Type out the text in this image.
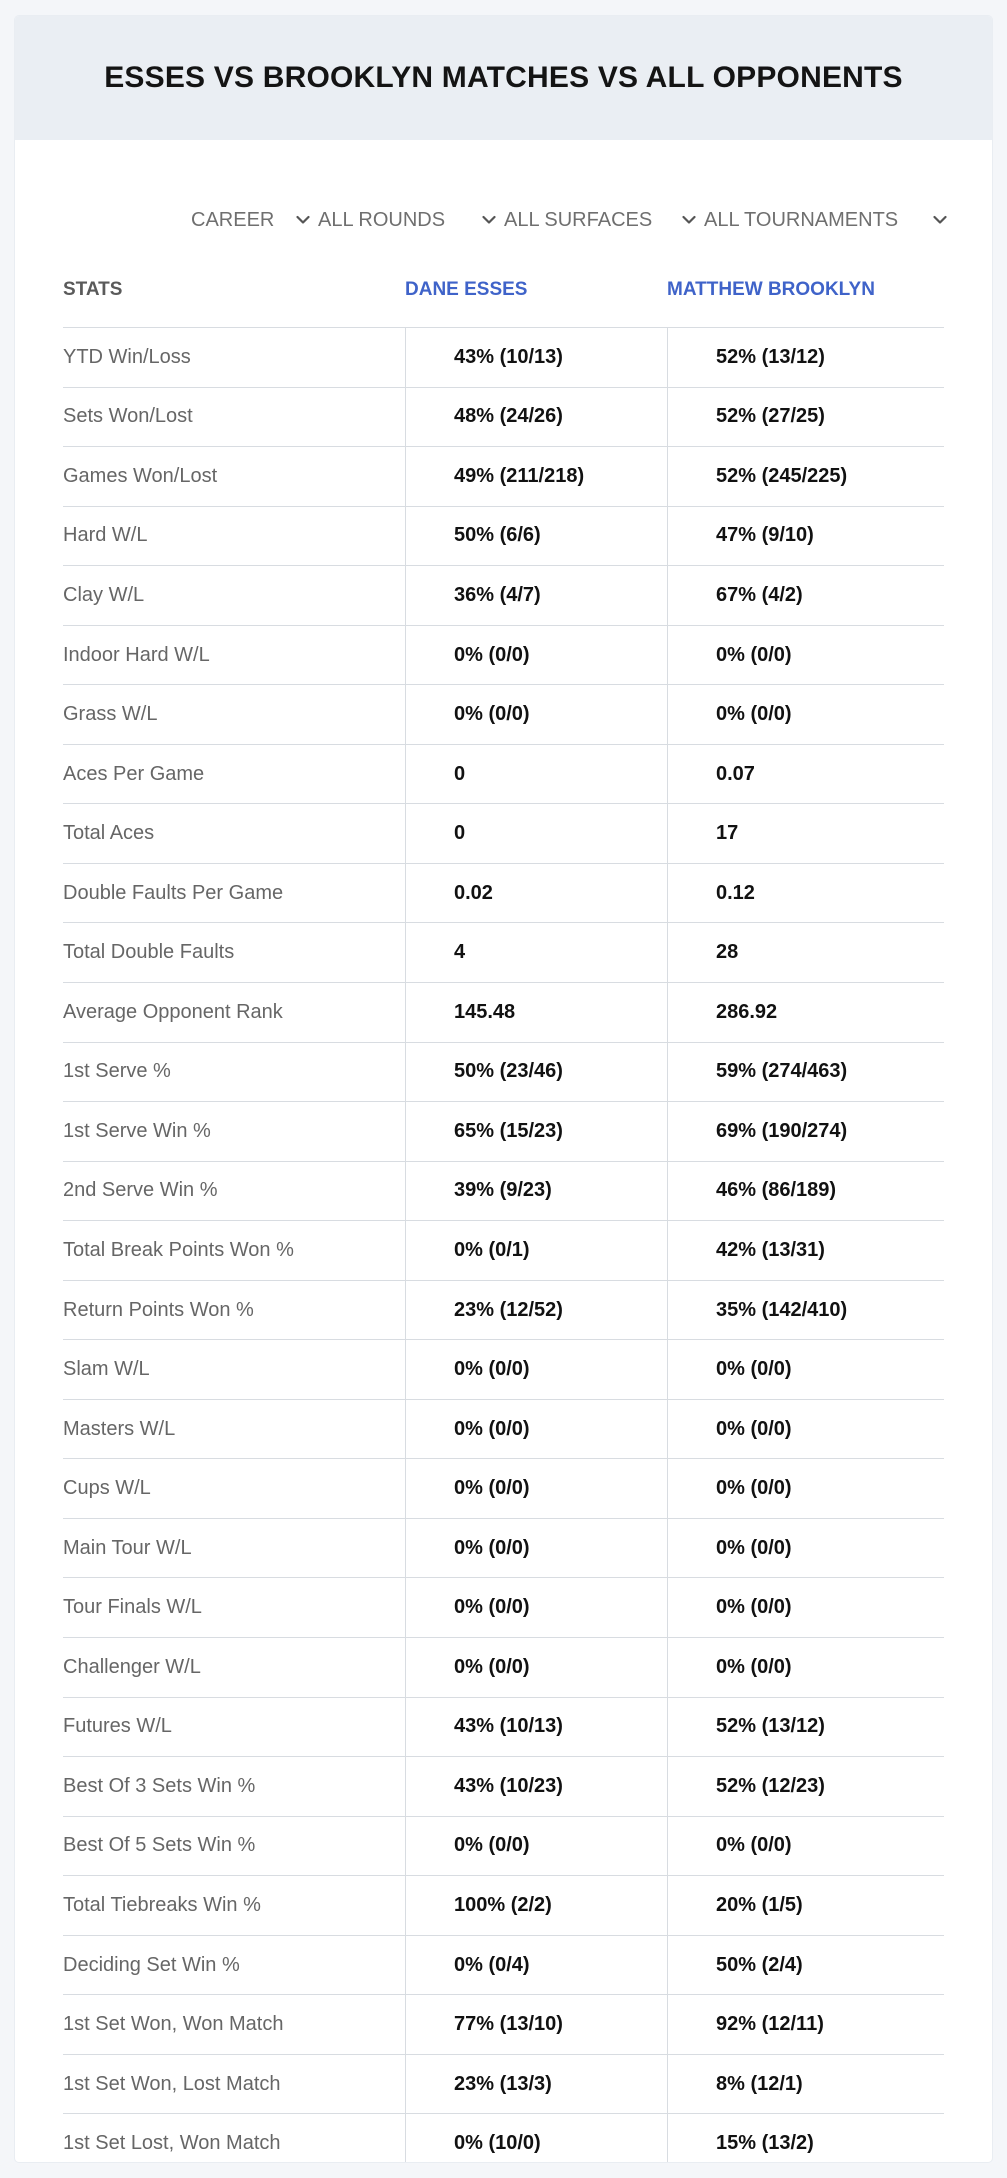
ESSES VS BROOKLYN MATCHES VS ALL OPPONENTS
CAREER ALL ROUNDS	ALL SURFACES	ALL TOURNAMENTS
STATS	DANE ESSES	MATTHEW BROOKLYN
YTD Win/Loss	43% (10/13)	52% (13/12)
Sets Won/Lost	48% (24/26)	52% (27/25)
Games Won/Lost	49% (211/218)	52% (245/225)
Hard W/L	50% (6/6)	47% (9/10)
Clay W/L	36% (4/7)	67% (4/2)
Indoor Hard W/L	0% (0/0)	0% (0/0)
Grass W/L	0% (0/0)	0% (0/0)
Aces Per Game	0	0.07
Total Aces	0	17
Double Faults Per Game	0.02	0.12
Total Double Faults	4	28
Average Opponent Rank	145.48	286.92
1st Serve %	50% (23/46)	59% (274/463)
1st Serve Win %	65% (15/23)	69% (190/274)
2nd Serve Win %	39% (9/23)	46% (86/189)
Total Break Points Won %	0% (0/1)	42% (13/31)
Return Points Won %	23% (12/52)	35% (142/410)
Slam W/L	0% (0/0)	0% (0/0)
Masters W/L	0% (0/0)	0% (0/0)
Cups W/L	0% (0/0)	0% (0/0)
Main Tour W/L	0% (0/0)	0% (0/0)
Tour Finals W/L	0% (0/0)	0% (0/0)
Challenger W/L	0% (0/0)	0% (0/0)
Futures W/L	43% (10/13)	52% (13/12)
Best Of 3 Sets Win %	43% (10/23)	52% (12/23)
Best Of 5 Sets Win %	0% (0/0)	0% (0/0)
Total Tiebreaks Win %	100% (2/2)	20% (1/5)
Deciding Set Win %	0% (0/4)	50% (2/4)
1st Set Won, Won Match	77% (13/10)	92% (12/11)
1st Set Won, Lost Match	23% (13/3)	8% (12/1)
1st Set Lost, Won Match	0% (10/0)	15% (13/2)
